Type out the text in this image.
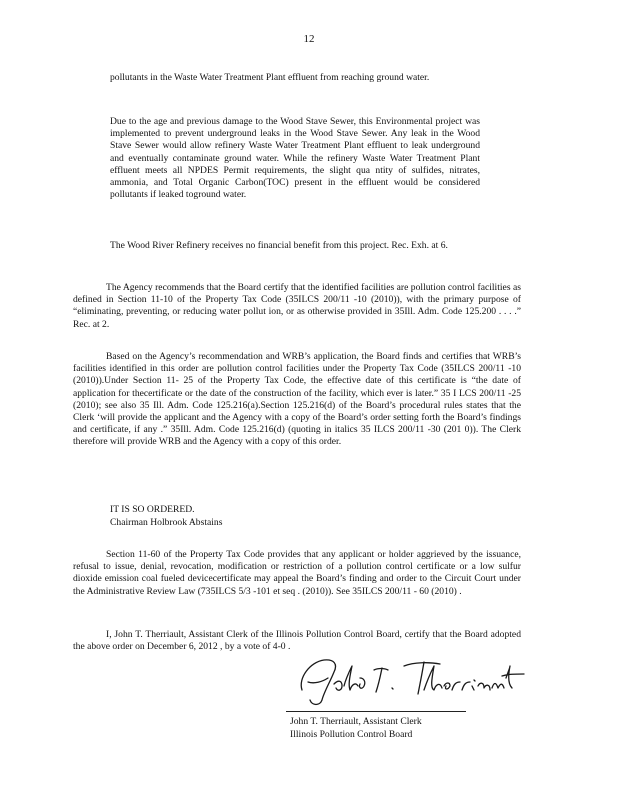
12

pollutants in the Waste Water Treatment Plant effluent from reaching ground water.

Due to the age and previous damage to the Wood Stave Sewer, this Environmental project was implemented to prevent underground leaks in the Wood Stave Sewer. Any leak in the Wood Stave Sewer would allow refinery Waste Water Treatment Plant effluent to leak underground and eventually contaminate ground water. While the refinery Waste Water Treatment Plant effluent meets all NPDES Permit requirements, the slight qua ntity of sulfides, nitrates, ammonia, and Total Organic Carbon(TOC) present in the effluent would be considered pollutants if leaked toground water.

The Wood River Refinery receives no financial benefit from this project. Rec. Exh. at 6.

The Agency recommends that the Board certify that the identified facilities are pollution control facilities as defined in Section 11-10 of the Property Tax Code (35ILCS 200/11 -10 (2010)), with the primary purpose of “eliminating, preventing, or reducing water pollut ion, or as otherwise provided in 35Ill. Adm. Code 125.200 . . . .” Rec. at 2.

Based on the Agency’s recommendation and WRB’s application, the Board finds and certifies that WRB’s facilities identified in this order are pollution control facilities under the Property Tax Code (35ILCS 200/11 -10 (2010)).Under Section 11- 25 of the Property Tax Code, the effective date of this certificate is “the date of application for thecertificate or the date of the construction of the facility, which ever is later.” 35 I LCS 200/11 -25 (2010); see also 35 Ill. Adm. Code 125.216(a).Section 125.216(d) of the Board’s procedural rules states that the Clerk ‘will provide the applicant and the Agency with a copy of the Board’s order setting forth the Board’s findings and certificate, if any .” 35Ill. Adm. Code 125.216(d) (quoting in italics 35 ILCS 200/11 -30 (201 0)). The Clerk therefore will provide WRB and the Agency with a copy of this order.

IT IS SO ORDERED.
Chairman Holbrook Abstains

Section 11-60 of the Property Tax Code provides that any applicant or holder aggrieved by the issuance, refusal to issue, denial, revocation, modification or restriction of a pollution control certificate or a low sulfur dioxide emission coal fueled devicecertificate may appeal the Board’s finding and order to the Circuit Court under the Administrative Review Law (735ILCS 5/3 -101 et seq . (2010)). See 35ILCS 200/11 - 60 (2010) .

I, John T. Therriault, Assistant Clerk of the Illinois Pollution Control Board, certify that the Board adopted the above order on December 6, 2012 , by a vote of 4-0 .

John T. Therriault, Assistant Clerk
Illinois Pollution Control Board
